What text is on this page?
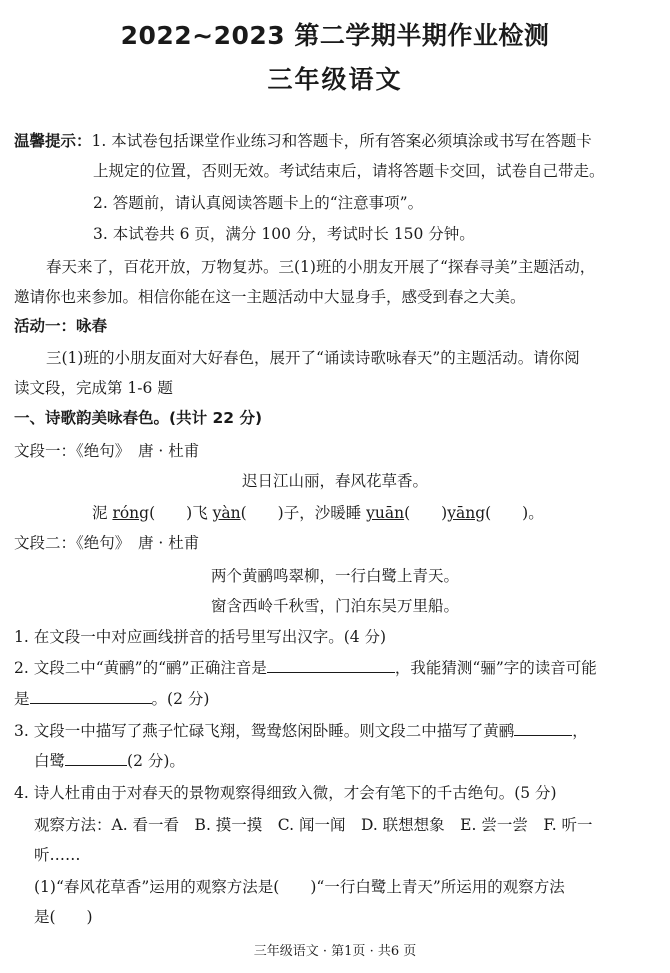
2022~2023 第二学期半期作业检测
三年级语文
温馨提示：1. 本试卷包括课堂作业练习和答题卡，所有答案必须填涂或书写在答题卡
上规定的位置，否则无效。考试结束后，请将答题卡交回，试卷自己带走。
2. 答题前，请认真阅读答题卡上的“注意事项”。
3. 本试卷共 6 页，满分 100 分，考试时长 150 分钟。
春天来了，百花开放，万物复苏。三(1)班的小朋友开展了“探春寻美”主题活动，
邀请你也来参加。相信你能在这一主题活动中大显身手，感受到春之大美。
活动一：咏春
三(1)班的小朋友面对大好春色，展开了“诵读诗歌咏春天”的主题活动。请你阅
读文段，完成第 1-6 题
一、诗歌韵美咏春色。(共计 22 分)
文段一：《绝句》　唐 · 杜甫
迟日江山丽，春风花草香。
泥 róng(　　)飞 yàn(　　)子，沙暖睡 yuān(　　)yāng(　　)。
文段二：《绝句》　唐 · 杜甫
两个黄鹂鸣翠柳，一行白鹭上青天。
窗含西岭千秋雪，门泊东吴万里船。
1. 在文段一中对应画线拼音的括号里写出汉字。(4 分)
2. 文段二中“黄鹂”的“鹂”正确注音是	，我能猜测“骊”字的读音可能
是	。(2 分)
3. 文段一中描写了燕子忙碌飞翔，鸳鸯悠闲卧睡。则文段二中描写了黄鹂	，
白鹭	(2 分)。
4. 诗人杜甫由于对春天的景物观察得细致入微，才会有笔下的千古绝句。(5 分)
观察方法：A. 看一看　B. 摸一摸　C. 闻一闻　D. 联想想象　E. 尝一尝　F. 听一
听……
(1)“春风花草香”运用的观察方法是(　　)“一行白鹭上青天”所运用的观察方法
是(　　)
三年级语文 · 第1页 · 共6 页
